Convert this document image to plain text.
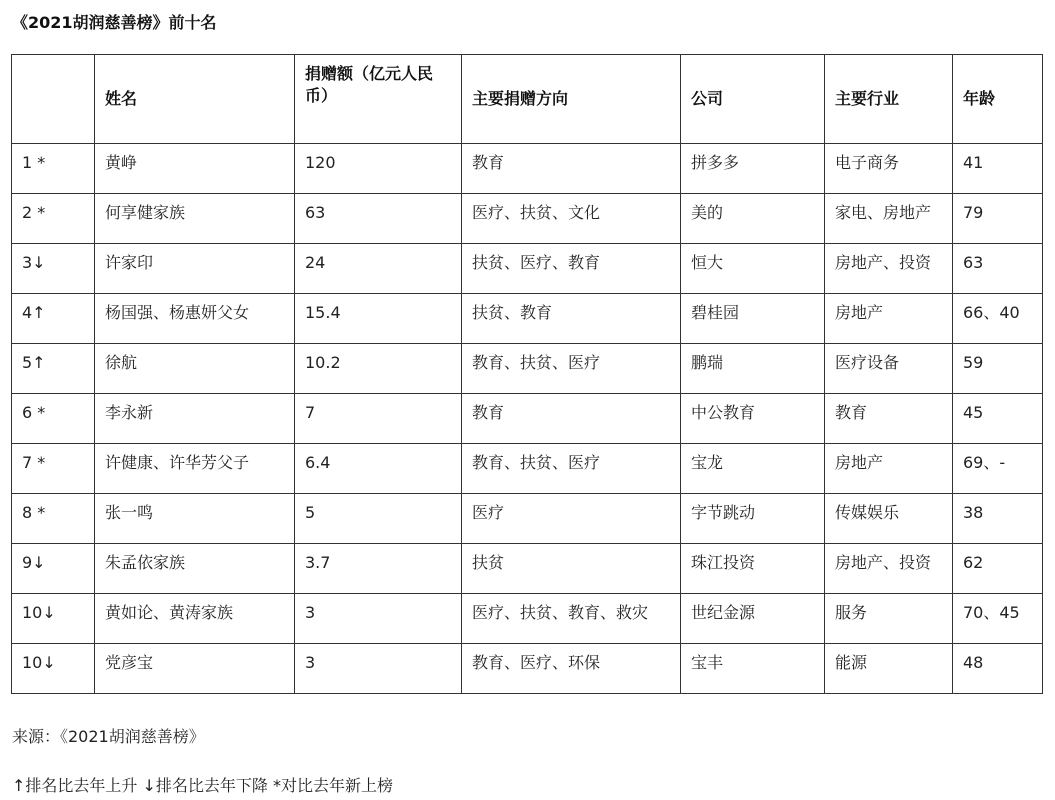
《2021胡润慈善榜》前十名
	姓名	捐赠额（亿元人民币）	主要捐赠方向	公司	主要行业	年龄
1 *	黄峥	120	教育	拼多多	电子商务	41
2 *	何享健家族	63	医疗、扶贫、文化	美的	家电、房地产	79
3↓	许家印	24	扶贫、医疗、教育	恒大	房地产、投资	63
4↑	杨国强、杨惠妍父女	15.4	扶贫、教育	碧桂园	房地产	66、40
5↑	徐航	10.2	教育、扶贫、医疗	鹏瑞	医疗设备	59
6 *	李永新	7	教育	中公教育	教育	45
7 *	许健康、许华芳父子	6.4	教育、扶贫、医疗	宝龙	房地产	69、-
8 *	张一鸣	5	医疗	字节跳动	传媒娱乐	38
9↓	朱孟依家族	3.7	扶贫	珠江投资	房地产、投资	62
10↓	黄如论、黄涛家族	3	医疗、扶贫、教育、救灾	世纪金源	服务	70、45
10↓	党彦宝	3	教育、医疗、环保	宝丰	能源	48
来源：《2021胡润慈善榜》
↑排名比去年上升 ↓排名比去年下降 *对比去年新上榜
